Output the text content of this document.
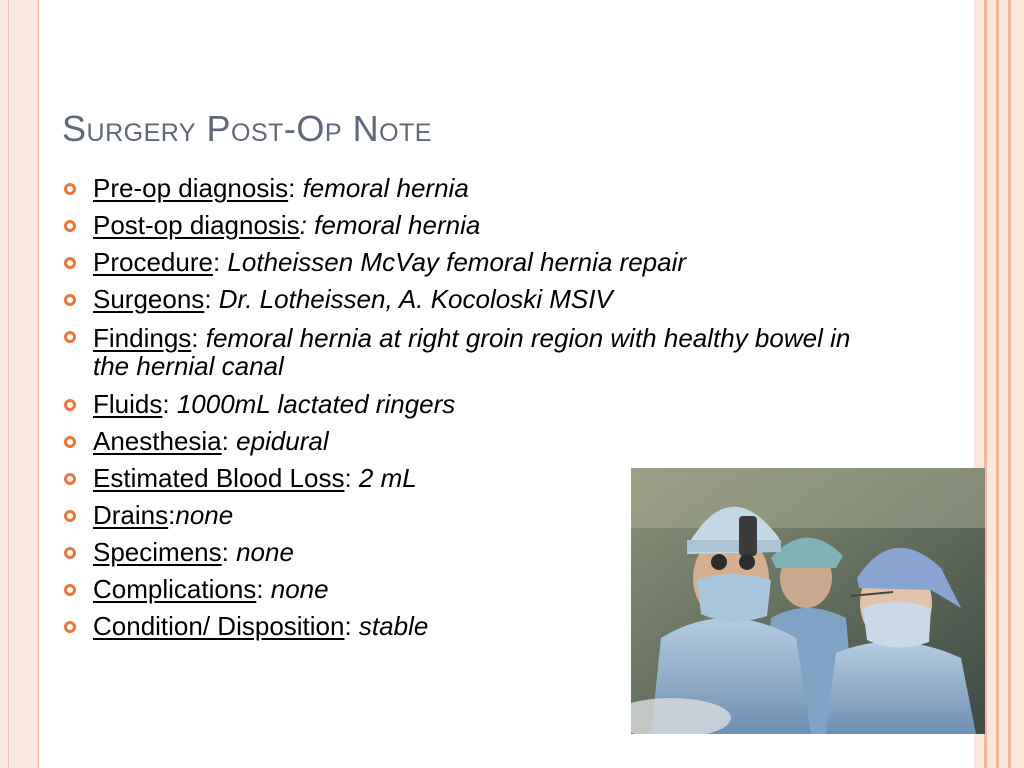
Surgery Post-Op Note
Pre-op diagnosis: femoral hernia
Post-op diagnosis: femoral hernia
Procedure: Lotheissen McVay femoral hernia repair
Surgeons: Dr. Lotheissen, A. Kocoloski MSIV
Findings: femoral hernia at right groin region with healthy bowel in the hernial canal
Fluids: 1000mL lactated ringers
Anesthesia: epidural
Estimated Blood Loss: 2 mL
Drains:none
Specimens: none
Complications: none
Condition/ Disposition: stable
